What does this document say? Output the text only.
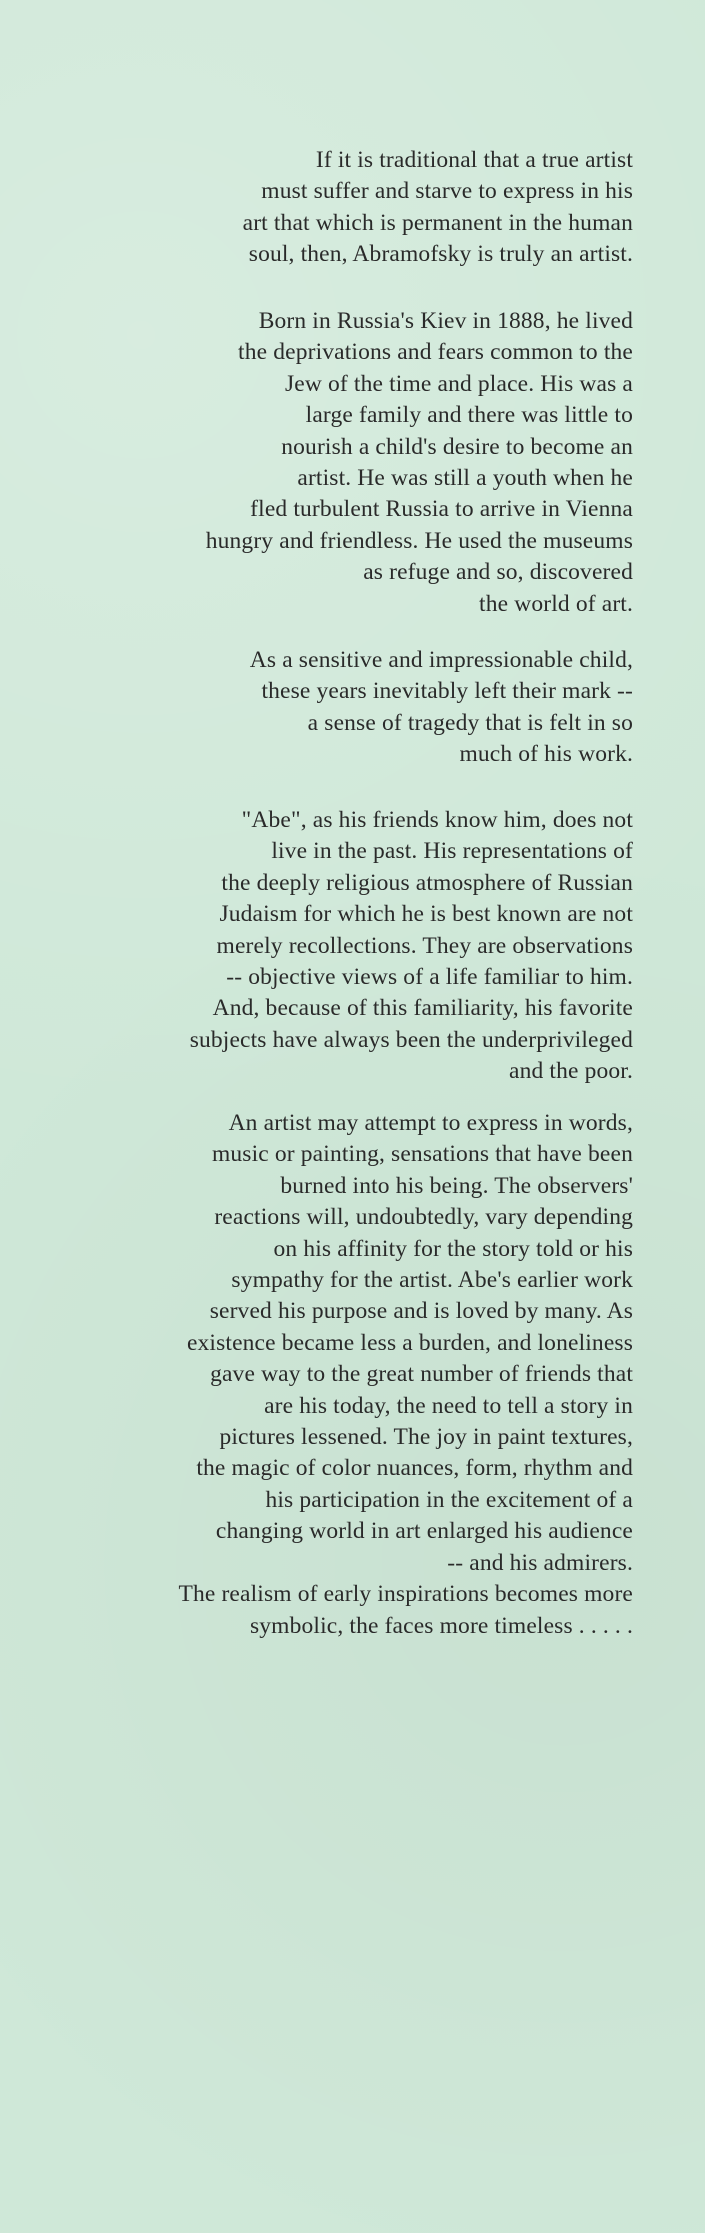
If it is traditional that a true artist
must suffer and starve to express in his
art that which is permanent in the human
soul, then, Abramofsky is truly an artist.
Born in Russia's Kiev in 1888, he lived
the deprivations and fears common to the
Jew of the time and place. His was a
large family and there was little to
nourish a child's desire to become an
artist. He was still a youth when he
fled turbulent Russia to arrive in Vienna
hungry and friendless. He used the museums
as refuge and so, discovered
the world of art.
As a sensitive and impressionable child,
these years inevitably left their mark --
a sense of tragedy that is felt in so
much of his work.
"Abe", as his friends know him, does not
live in the past. His representations of
the deeply religious atmosphere of Russian
Judaism for which he is best known are not
merely recollections. They are observations
-- objective views of a life familiar to him.
And, because of this familiarity, his favorite
subjects have always been the underprivileged
and the poor.
An artist may attempt to express in words,
music or painting, sensations that have been
burned into his being. The observers'
reactions will, undoubtedly, vary depending
on his affinity for the story told or his
sympathy for the artist. Abe's earlier work
served his purpose and is loved by many. As
existence became less a burden, and loneliness
gave way to the great number of friends that
are his today, the need to tell a story in
pictures lessened. The joy in paint textures,
the magic of color nuances, form, rhythm and
his participation in the excitement of a
changing world in art enlarged his audience
-- and his admirers.
The realism of early inspirations becomes more
symbolic, the faces more timeless . . . . .
